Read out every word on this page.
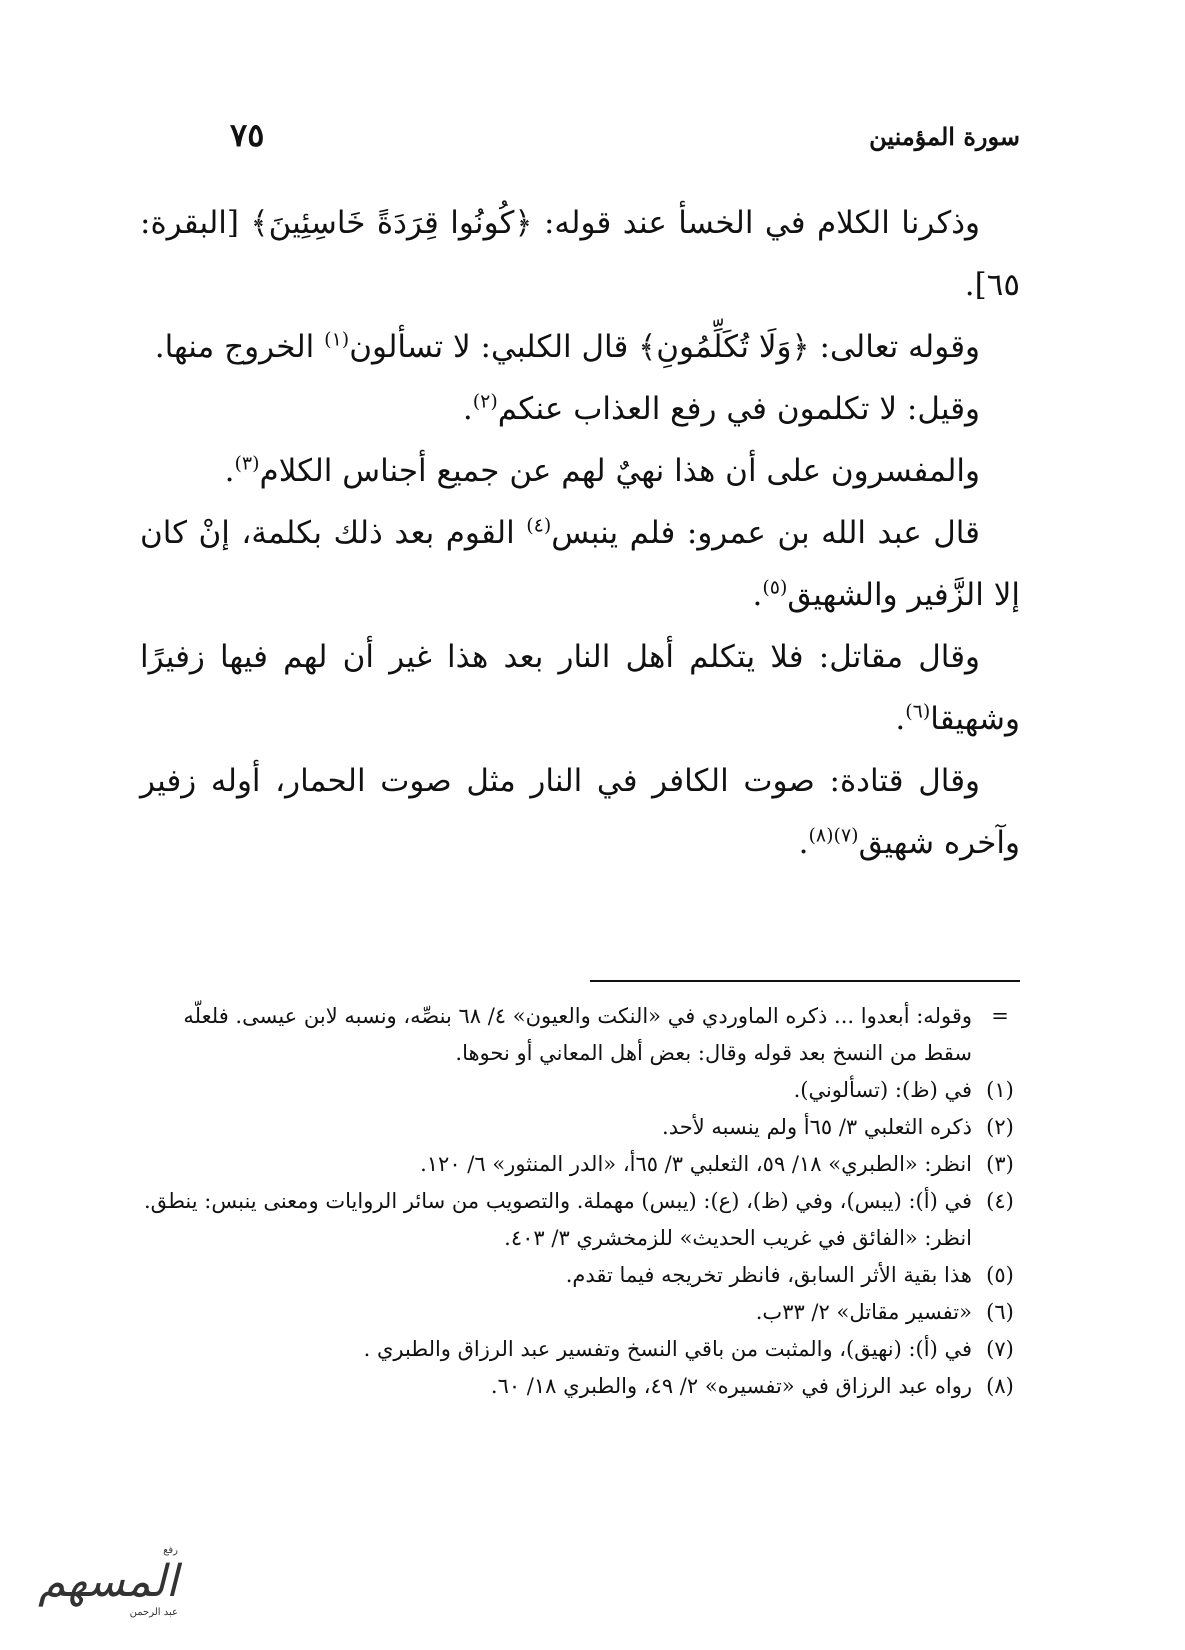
سورة المؤمنين
٧٥

وذكرنا الكلام في الخسأ عند قوله: ﴿كُونُوا قِرَدَةً خَاسِئِينَ﴾ [البقرة: ٦٥].

وقوله تعالى: ﴿وَلَا تُكَلِّمُونِ﴾ قال الكلبي: لا تسألون$^{(١)}$ الخروج منها.

وقيل: لا تكلمون في رفع العذاب عنكم$^{(٢)}$.

والمفسرون على أن هذا نهيٌ لهم عن جميع أجناس الكلام$^{(٣)}$.

قال عبد الله بن عمرو: فلم ينبس$^{(٤)}$ القوم بعد ذلك بكلمة، إنْ كان إلا الزَّفير والشهيق$^{(٥)}$.

وقال مقاتل: فلا يتكلم أهل النار بعد هذا غير أن لهم فيها زفيرًا وشهيقا$^{(٦)}$.

وقال قتادة: صوت الكافر في النار مثل صوت الحمار، أوله زفير وآخره شهيق$^{(٧)(٨)}$.

=
وقوله: أبعدوا ... ذكره الماوردي في «النكت والعيون» ٤/ ٦٨ بنصِّه، ونسبه لابن عيسى. فلعلّه سقط من النسخ بعد قوله وقال: بعض أهل المعاني أو نحوها.

(١)
في (ظ): (تسألوني).

(٢)
ذكره الثعلبي ٣/ ٦٥أ ولم ينسبه لأحد.

(٣)
انظر: «الطبري» ١٨/ ٥٩، الثعلبي ٣/ ٦٥أ، «الدر المنثور» ٦/ ١٢٠.

(٤)
في (أ): (يبس)، وفي (ظ)، (ع): (يبس) مهملة. والتصويب من سائر الروايات ومعنى ينبس: ينطق. انظر: «الفائق في غريب الحديث» للزمخشري ٣/ ٤٠٣.

(٥)
هذا بقية الأثر السابق، فانظر تخريجه فيما تقدم.

(٦)
«تفسير مقاتل» ٢/ ٣٣ب.

(٧)
في (أ): (نهيق)، والمثبت من باقي النسخ وتفسير عبد الرزاق والطبري .

(٨)
رواه عبد الرزاق في «تفسيره» ٢/ ٤٩، والطبري ١٨/ ٦٠.

رفع
المسهم
عبد الرحمن
